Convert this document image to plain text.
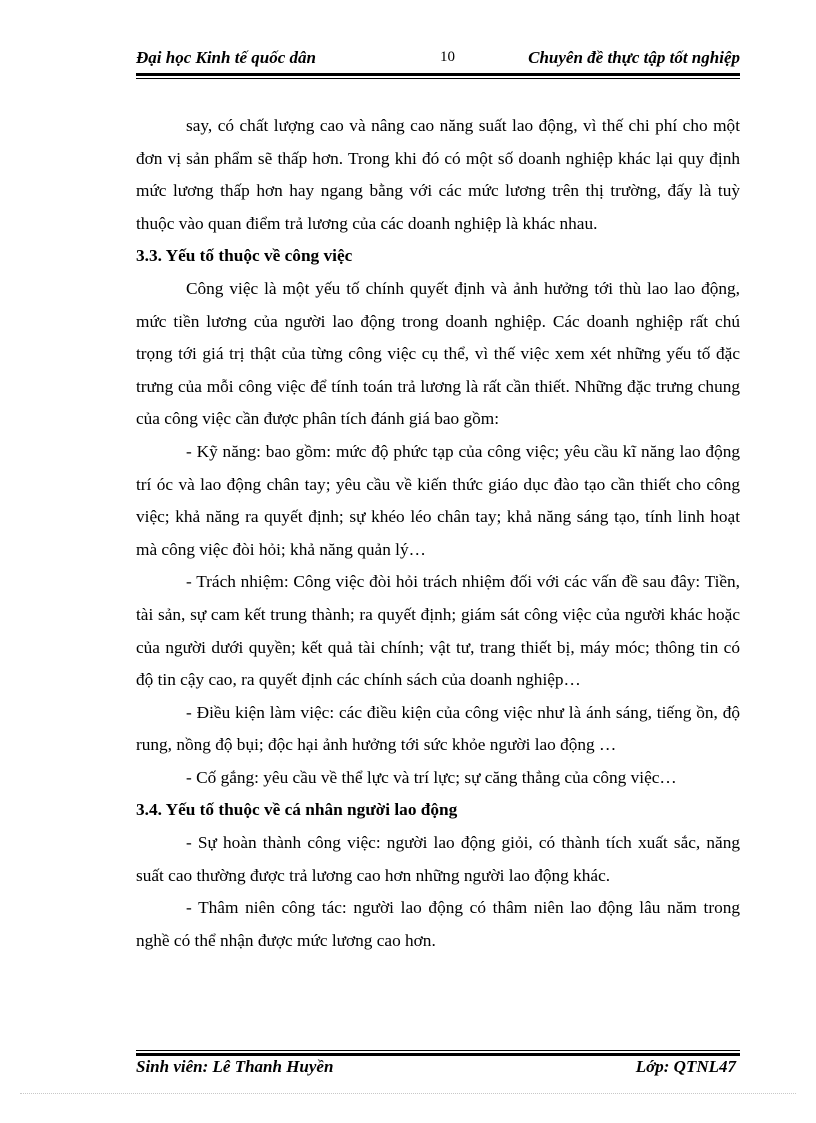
Đại học Kinh tế quốc dân	10	Chuyên đề thực tập tốt nghiệp

say, có chất lượng cao và nâng cao năng suất lao động, vì thế chi phí cho một đơn vị sản phẩm sẽ thấp hơn. Trong khi đó có một số doanh nghiệp khác lại quy định mức lương thấp hơn hay ngang bằng với các mức lương trên thị trường, đấy là tuỳ thuộc vào quan điểm trả lương của các doanh nghiệp là khác nhau.

3.3. Yếu tố thuộc về công việc

Công việc là một yếu tố chính quyết định và ảnh hưởng tới thù lao lao động, mức tiền lương của người lao động trong doanh nghiệp. Các doanh nghiệp rất chú trọng tới giá trị thật của từng công việc cụ thể, vì thế việc xem xét những yếu tố đặc trưng của mỗi công việc để tính toán trả lương là rất cần thiết. Những đặc trưng chung của công việc cần được phân tích đánh giá bao gồm:

- Kỹ năng: bao gồm: mức độ phức tạp của công việc; yêu cầu kĩ năng lao động trí óc và lao động chân tay; yêu cầu về kiến thức giáo dục đào tạo cần thiết cho công việc; khả năng ra quyết định; sự khéo léo chân tay; khả năng sáng tạo, tính linh hoạt mà công việc đòi hỏi; khả năng quản lý…

- Trách nhiệm: Công việc đòi hỏi trách nhiệm đối với các vấn đề sau đây: Tiền, tài sản, sự cam kết trung thành; ra quyết định; giám sát công việc của người khác hoặc của người dưới quyền; kết quả tài chính; vật tư, trang thiết bị, máy móc; thông tin có độ tin cậy cao, ra quyết định các chính sách của doanh nghiệp…

- Điều kiện làm việc: các điều kiện của công việc như là ánh sáng, tiếng ồn, độ rung, nồng độ bụi; độc hại ảnh hưởng tới sức khỏe người lao động …

- Cố gắng: yêu cầu về thể lực và trí lực; sự căng thẳng của công việc…

3.4. Yếu tố thuộc về cá nhân người lao động

- Sự hoàn thành công việc: người lao động giỏi, có thành tích xuất sắc, năng suất cao thường được trả lương cao hơn những người lao động khác.

- Thâm niên công tác: người lao động có thâm niên lao động lâu năm trong nghề có thể nhận được mức lương cao hơn.

Sinh viên: Lê Thanh Huyền	Lớp: QTNL47
